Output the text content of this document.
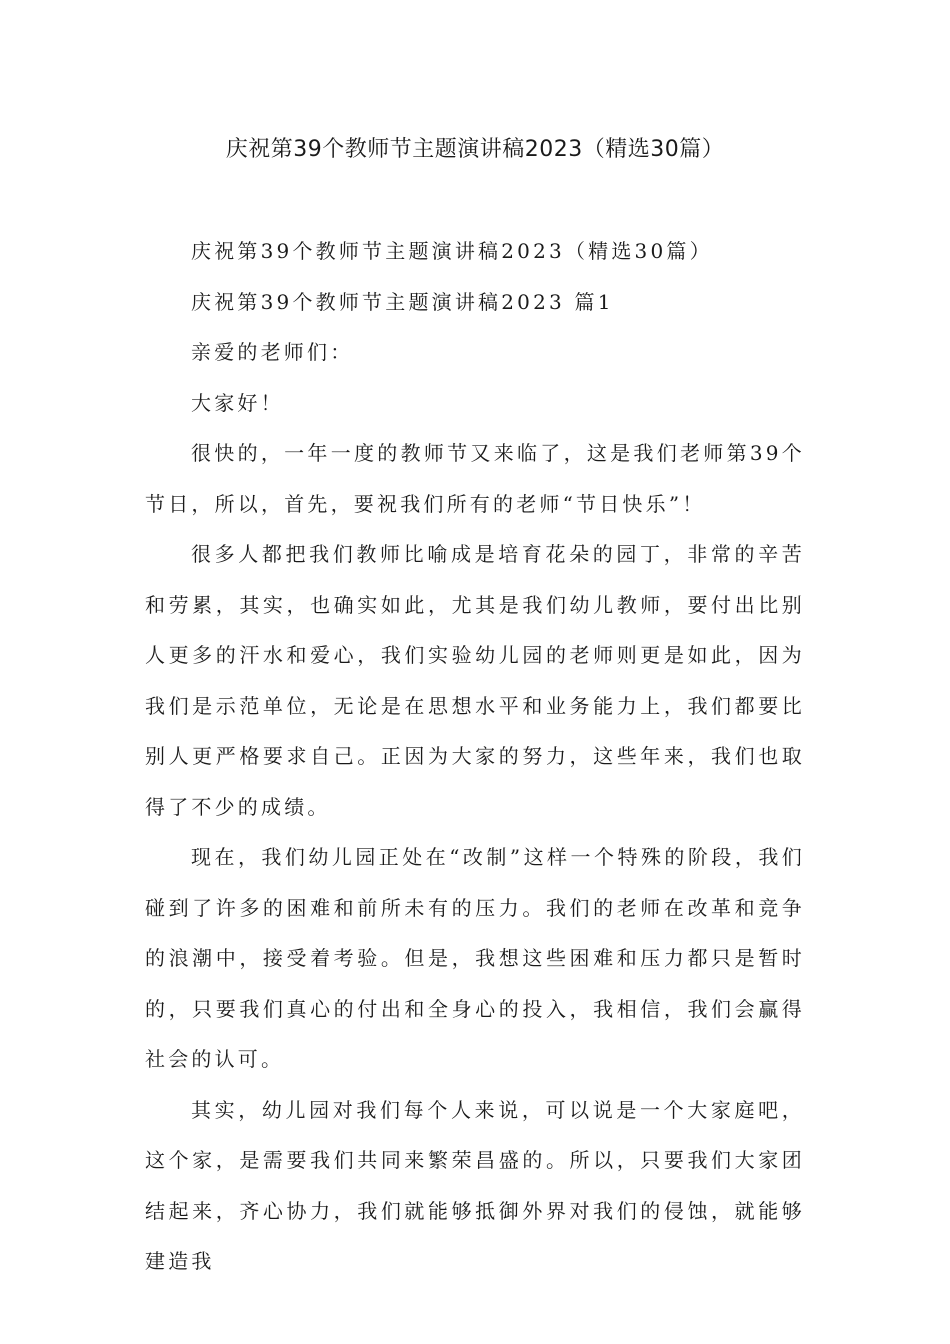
庆祝第39个教师节主题演讲稿2023（精选30篇）

庆祝第39个教师节主题演讲稿2023（精选30篇）

庆祝第39个教师节主题演讲稿2023 篇1

亲爱的老师们：

大家好！

很快的，一年一度的教师节又来临了，这是我们老师第39个节日，所以，首先，要祝我们所有的老师“节日快乐”！

很多人都把我们教师比喻成是培育花朵的园丁，非常的辛苦和劳累，其实，也确实如此，尤其是我们幼儿教师，要付出比别人更多的汗水和爱心，我们实验幼儿园的老师则更是如此，因为我们是示范单位，无论是在思想水平和业务能力上，我们都要比别人更严格要求自己。正因为大家的努力，这些年来，我们也取得了不少的成绩。

现在，我们幼儿园正处在“改制”这样一个特殊的阶段，我们碰到了许多的困难和前所未有的压力。我们的老师在改革和竞争的浪潮中，接受着考验。但是，我想这些困难和压力都只是暂时的，只要我们真心的付出和全身心的投入，我相信，我们会赢得社会的认可。

其实，幼儿园对我们每个人来说，可以说是一个大家庭吧，这个家，是需要我们共同来繁荣昌盛的。所以，只要我们大家团结起来，齐心协力，我们就能够抵御外界对我们的侵蚀，就能够建造我
